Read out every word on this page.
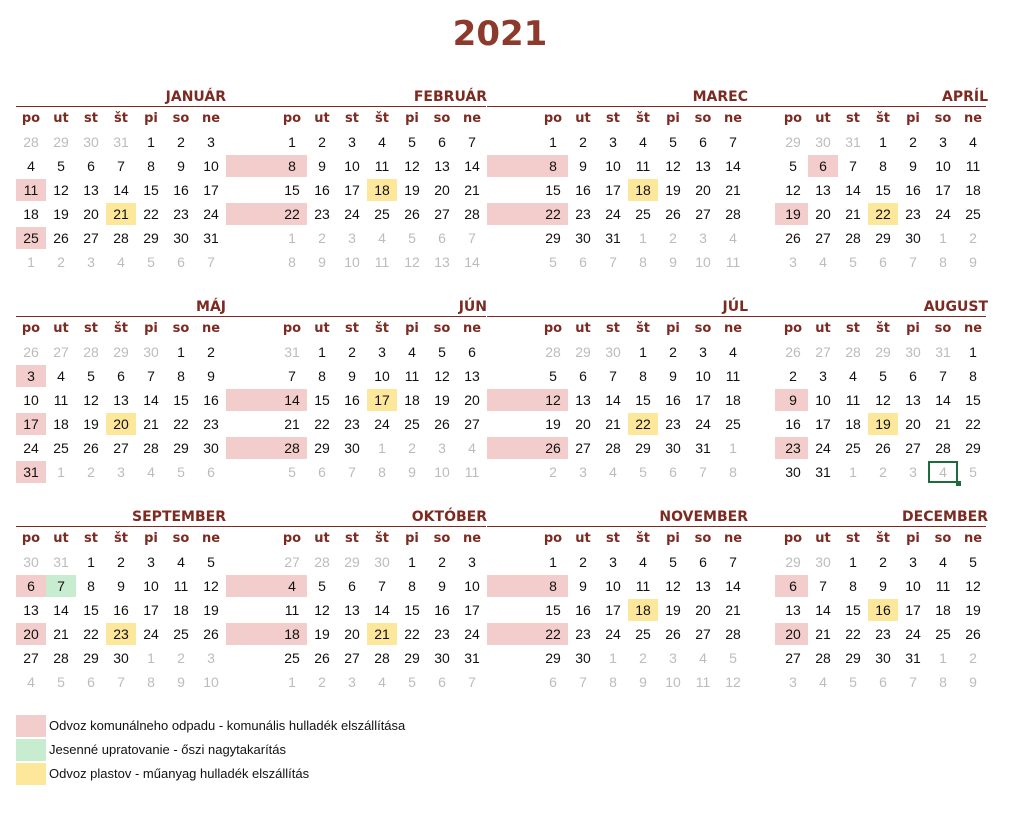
2021
JANUÁR
po	ut	st	št	pi	so ne
28	29	30	31	1	2	3
4	5	6	7	8	9	10
11	12	13	14	15	16	17
18	19	20	21	22	23	24
25	26	27	28	29	30	31
1	2	3	4	5	6	7
FEBRUÁR
po	ut	st	št	pi	so ne
1	2	3	4	5	6	7
8	9	10	11	12	13	14
15	16	17	18	19	20	21
22	23	24	25	26	27	28
1	2	3	4	5	6	7
8	9	10	11	12	13	14
MAREC
po	ut	st	št	pi	so ne
1	2	3	4	5	6	7
8	9	10	11	12	13	14
15	16	17	18	19	20	21
22	23	24	25	26	27	28
29	30	31	1	2	3	4
5	6	7	8	9	10	11
APRÍL
po	ut	st	št	pi	so ne
29	30	31	1	2	3	4
5	6	7	8	9	10	11
12	13	14	15	16	17	18
19	20	21	22	23	24	25
26	27	28	29	30	1	2
3	4	5	6	7	8	9
MÁJ
po	ut	st	št	pi	so ne
26	27	28	29	30	1	2
3	4	5	6	7	8	9
10	11	12	13	14	15	16
17	18	19	20	21	22	23
24	25	26	27	28	29	30
31	1	2	3	4	5	6
JÚN
po	ut	st	št	pi	so ne
31	1	2	3	4	5	6
7	8	9	10	11	12	13
14	15	16	17	18	19	20
21	22	23	24	25	26	27
28	29	30	1	2	3	4
5	6	7	8	9	10	11
JÚL
po	ut	st	št	pi	so ne
28	29	30	1	2	3	4
5	6	7	8	9	10	11
12	13	14	15	16	17	18
19	20	21	22	23	24	25
26	27	28	29	30	31	1
2	3	4	5	6	7	8
AUGUST
po	ut	st	št	pi	so ne
26	27	28	29	30	31	1
2	3	4	5	6	7	8
9	10	11	12	13	14	15
16	17	18	19	20	21	22
23	24	25	26	27	28	29
30	31	1	2	3	4	5
SEPTEMBER
po	ut	st	št	pi	so ne
30	31	1	2	3	4	5
6	7	8	9	10	11	12
13	14	15	16	17	18	19
20	21	22	23	24	25	26
27	28	29	30	1	2	3
4	5	6	7	8	9	10
OKTÓBER
po	ut	st	št	pi	so ne
27	28	29	30	1	2	3
4	5	6	7	8	9	10
11	12	13	14	15	16	17
18	19	20	21	22	23	24
25	26	27	28	29	30	31
1	2	3	4	5	6	7
NOVEMBER
po	ut	st	št	pi	so ne
1	2	3	4	5	6	7
8	9	10	11	12	13	14
15	16	17	18	19	20	21
22	23	24	25	26	27	28
29	30	1	2	3	4	5
6	7	8	9	10	11	12
DECEMBER
po	ut	st	št	pi	so ne
29	30	1	2	3	4	5
6	7	8	9	10	11	12
13	14	15	16	17	18	19
20	21	22	23	24	25	26
27	28	29	30	31	1	2
3	4	5	6	7	8	9
Odvoz komunálneho odpadu - komunális hulladék elszállítása
Jesenné upratovanie - őszi nagytakarítás
Odvoz plastov - műanyag hulladék elszállítás
